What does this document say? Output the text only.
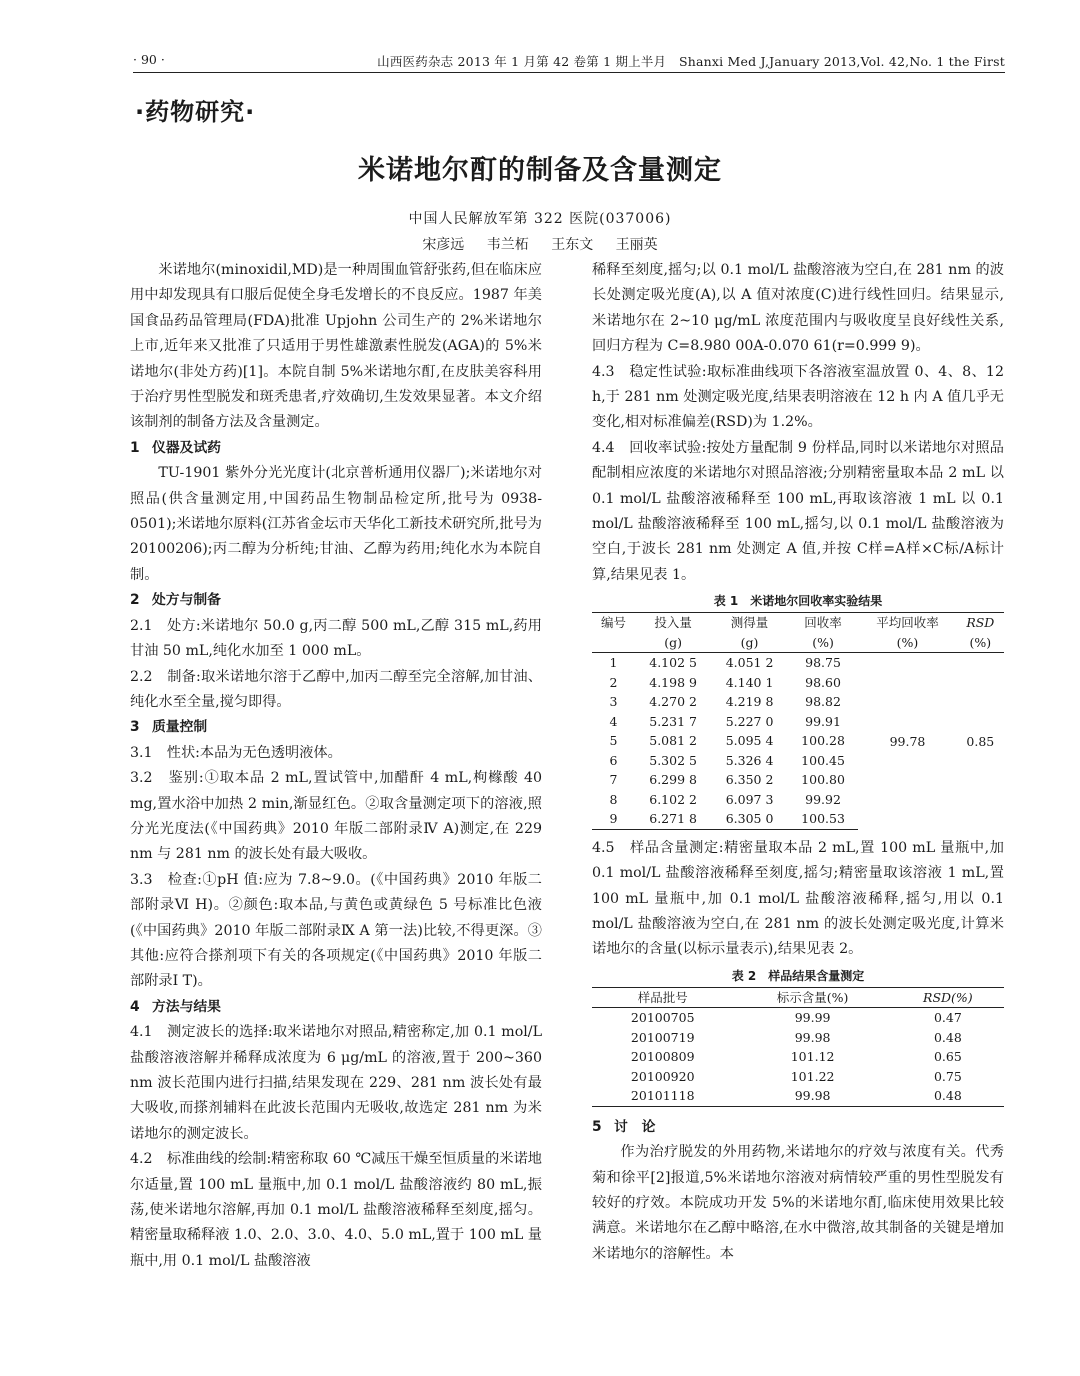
· 90 ·	山西医药杂志 2013 年 1 月第 42 卷第 1 期上半月　Shanxi Med J,January 2013,Vol. 42,No. 1 the First
·药物研究·
米诺地尔酊的制备及含量测定
中国人民解放军第 322 医院(037006)
宋彦远 韦兰柘 王东文 王丽英

米诺地尔(minoxidil,MD)是一种周围血管舒张药,但在临床应用中却发现具有口服后促使全身毛发增长的不良反应。1987 年美国食品药品管理局(FDA)批准 Upjohn 公司生产的 2%米诺地尔上市,近年来又批准了只适用于男性雄激素性脱发(AGA)的 5%米诺地尔(非处方药)[1]。本院自制 5%米诺地尔酊,在皮肤美容科用于治疗男性型脱发和斑秃患者,疗效确切,生发效果显著。本文介绍该制剂的制备方法及含量测定。

1 仪器及试药

TU-1901 紫外分光光度计(北京普析通用仪器厂);米诺地尔对照品(供含量测定用,中国药品生物制品检定所,批号为 0938-0501);米诺地尔原料(江苏省金坛市天华化工新技术研究所,批号为 20100206);丙二醇为分析纯;甘油、乙醇为药用;纯化水为本院自制。

2 处方与制备

2.1　处方:米诺地尔 50.0 g,丙二醇 500 mL,乙醇 315 mL,药用甘油 50 mL,纯化水加至 1 000 mL。

2.2　制备:取米诺地尔溶于乙醇中,加丙二醇至完全溶解,加甘油、纯化水至全量,搅匀即得。

3 质量控制

3.1　性状:本品为无色透明液体。

3.2　鉴别:①取本品 2 mL,置试管中,加醋酐 4 mL,枸橼酸 40 mg,置水浴中加热 2 min,渐显红色。②取含量测定项下的溶液,照分光光度法(《中国药典》2010 年版二部附录Ⅳ A)测定,在 229 nm 与 281 nm 的波长处有最大吸收。

3.3　检查:①pH 值:应为 7.8~9.0。(《中国药典》2010 年版二部附录Ⅵ H)。②颜色:取本品,与黄色或黄绿色 5 号标准比色液(《中国药典》2010 年版二部附录Ⅸ A 第一法)比较,不得更深。③其他:应符合搽剂项下有关的各项规定(《中国药典》2010 年版二部附录Ⅰ T)。

4 方法与结果

4.1　测定波长的选择:取米诺地尔对照品,精密称定,加 0.1 mol/L 盐酸溶液溶解并稀释成浓度为 6 μg/mL 的溶液,置于 200~360 nm 波长范围内进行扫描,结果发现在 229、281 nm 波长处有最大吸收,而搽剂辅料在此波长范围内无吸收,故选定 281 nm 为米诺地尔的测定波长。

4.2　标准曲线的绘制:精密称取 60 ℃减压干燥至恒质量的米诺地尔适量,置 100 mL 量瓶中,加 0.1 mol/L 盐酸溶液约 80 mL,振荡,使米诺地尔溶解,再加 0.1 mol/L 盐酸溶液稀释至刻度,摇匀。精密量取稀释液 1.0、2.0、3.0、4.0、5.0 mL,置于 100 mL 量瓶中,用 0.1 mol/L 盐酸溶液

稀释至刻度,摇匀;以 0.1 mol/L 盐酸溶液为空白,在 281 nm 的波长处测定吸光度(A),以 A 值对浓度(C)进行线性回归。结果显示,米诺地尔在 2~10 μg/mL 浓度范围内与吸收度呈良好线性关系,回归方程为 C=8.980 00A-0.070 61(r=0.999 9)。

4.3　稳定性试验:取标准曲线项下各溶液室温放置 0、4、8、12 h,于 281 nm 处测定吸光度,结果表明溶液在 12 h 内 A 值几乎无变化,相对标准偏差(RSD)为 1.2%。

4.4　回收率试验:按处方量配制 9 份样品,同时以米诺地尔对照品配制相应浓度的米诺地尔对照品溶液;分别精密量取本品 2 mL 以 0.1 mol/L 盐酸溶液稀释至 100 mL,再取该溶液 1 mL 以 0.1 mol/L 盐酸溶液稀释至 100 mL,摇匀,以 0.1 mol/L 盐酸溶液为空白,于波长 281 nm 处测定 A 值,并按 C样=A样×C标/A标计算,结果见表 1。

表 1　米诺地尔回收率实验结果
编号	投入量	测得量	回收率	平均回收率	RSD
	(g)	(g)	(%)	(%)	(%)
1	4.102 5	4.051 2	98.75	99.78	0.85
2	4.198 9	4.140 1	98.60		
3	4.270 2	4.219 8	98.82		
4	5.231 7	5.227 0	99.91		
5	5.081 2	5.095 4	100.28		
6	5.302 5	5.326 4	100.45		
7	6.299 8	6.350 2	100.80		
8	6.102 2	6.097 3	99.92		
9	6.271 8	6.305 0	100.53		

4.5　样品含量测定:精密量取本品 2 mL,置 100 mL 量瓶中,加 0.1 mol/L 盐酸溶液稀释至刻度,摇匀;精密量取该溶液 1 mL,置 100 mL 量瓶中,加 0.1 mol/L 盐酸溶液稀释,摇匀,用以 0.1 mol/L 盐酸溶液为空白,在 281 nm 的波长处测定吸光度,计算米诺地尔的含量(以标示量表示),结果见表 2。

表 2　样品结果含量测定
样品批号	标示含量(%)	RSD(%)
20100705	99.99	0.47
20100719	99.98	0.48
20100809	101.12	0.65
20100920	101.22	0.75
20101118	99.98	0.48
5 讨　论

作为治疗脱发的外用药物,米诺地尔的疗效与浓度有关。代秀菊和徐平[2]报道,5%米诺地尔溶液对病情较严重的男性型脱发有较好的疗效。本院成功开发 5%的米诺地尔酊,临床使用效果比较满意。米诺地尔在乙醇中略溶,在水中微溶,故其制备的关键是增加米诺地尔的溶解性。本
